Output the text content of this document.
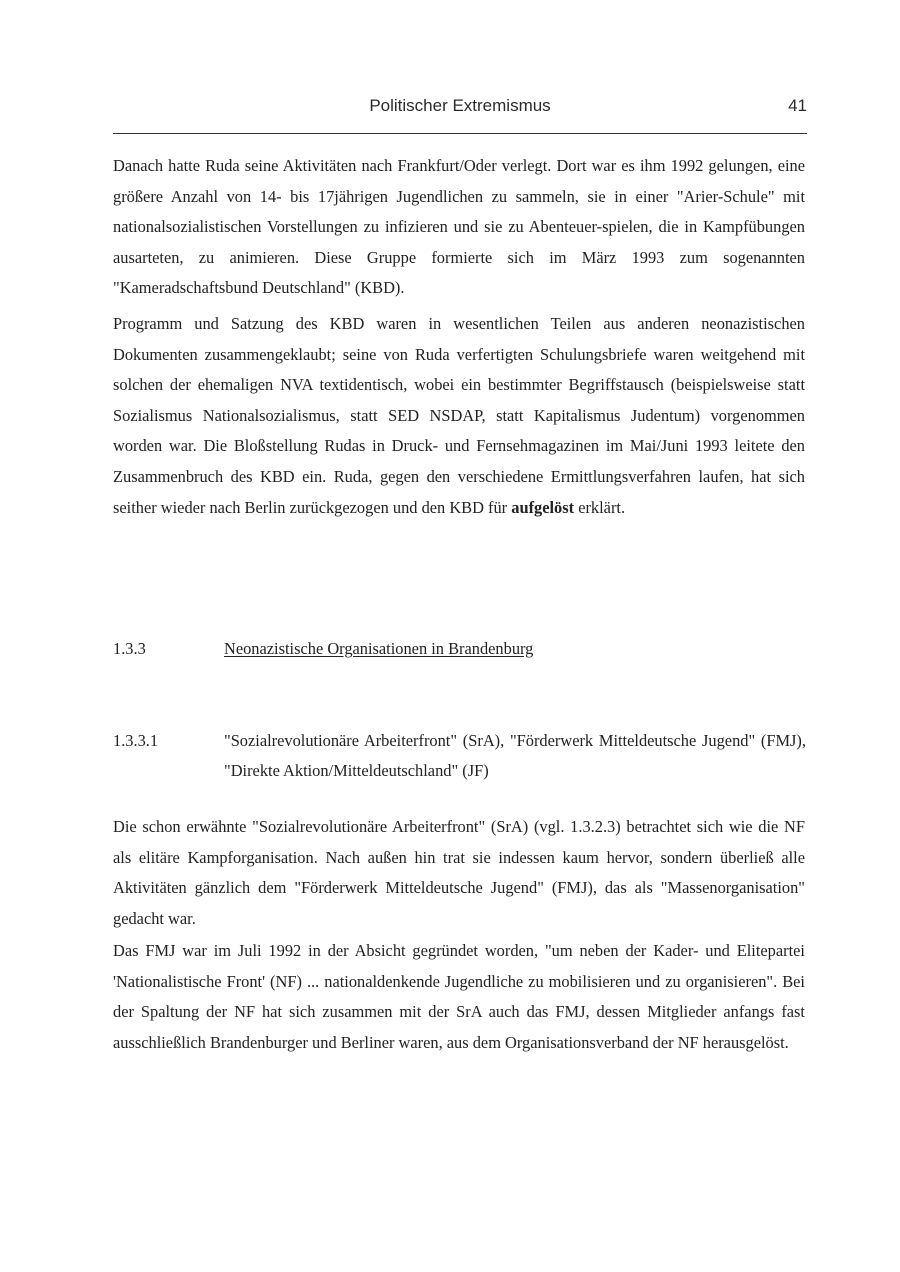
Politischer Extremismus	41

Danach hatte Ruda seine Aktivitäten nach Frankfurt/Oder verlegt. Dort war es ihm 1992 gelungen, eine größere Anzahl von 14- bis 17jährigen Jugendlichen zu sammeln, sie in einer "Arier-Schule" mit nationalsozialistischen Vorstellungen zu infizieren und sie zu Abenteuer-spielen, die in Kampfübungen ausarteten, zu animieren. Diese Gruppe formierte sich im März 1993 zum sogenannten "Kameradschaftsbund Deutschland" (KBD).

Programm und Satzung des KBD waren in wesentlichen Teilen aus anderen neonazistischen Dokumenten zusammengeklaubt; seine von Ruda verfertigten Schulungsbriefe waren weitgehend mit solchen der ehemaligen NVA textidentisch, wobei ein bestimmter Begriffstausch (beispielsweise statt Sozialismus Nationalsozialismus, statt SED NSDAP, statt Kapitalismus Judentum) vorgenommen worden war. Die Bloßstellung Rudas in Druck- und Fernsehmagazinen im Mai/Juni 1993 leitete den Zusammenbruch des KBD ein. Ruda, gegen den verschiedene Ermittlungsverfahren laufen, hat sich seither wieder nach Berlin zurückgezogen und den KBD für aufgelöst erklärt.

1.3.3	Neonazistische Organisationen in Brandenburg

1.3.3.1	"Sozialrevolutionäre Arbeiterfront" (SrA), "Förderwerk Mitteldeutsche Jugend" (FMJ), "Direkte Aktion/Mitteldeutschland" (JF)

Die schon erwähnte "Sozialrevolutionäre Arbeiterfront" (SrA) (vgl. 1.3.2.3) betrachtet sich wie die NF als elitäre Kampforganisation. Nach außen hin trat sie indessen kaum hervor, sondern überließ alle Aktivitäten gänzlich dem "Förderwerk Mitteldeutsche Jugend" (FMJ), das als "Massenorganisation" gedacht war.

Das FMJ war im Juli 1992 in der Absicht gegründet worden, "um neben der Kader- und Elitepartei 'Nationalistische Front' (NF) ... nationaldenkende Jugendliche zu mobilisieren und zu organisieren". Bei der Spaltung der NF hat sich zusammen mit der SrA auch das FMJ, dessen Mitglieder anfangs fast ausschließlich Brandenburger und Berliner waren, aus dem Organisationsverband der NF herausgelöst.
